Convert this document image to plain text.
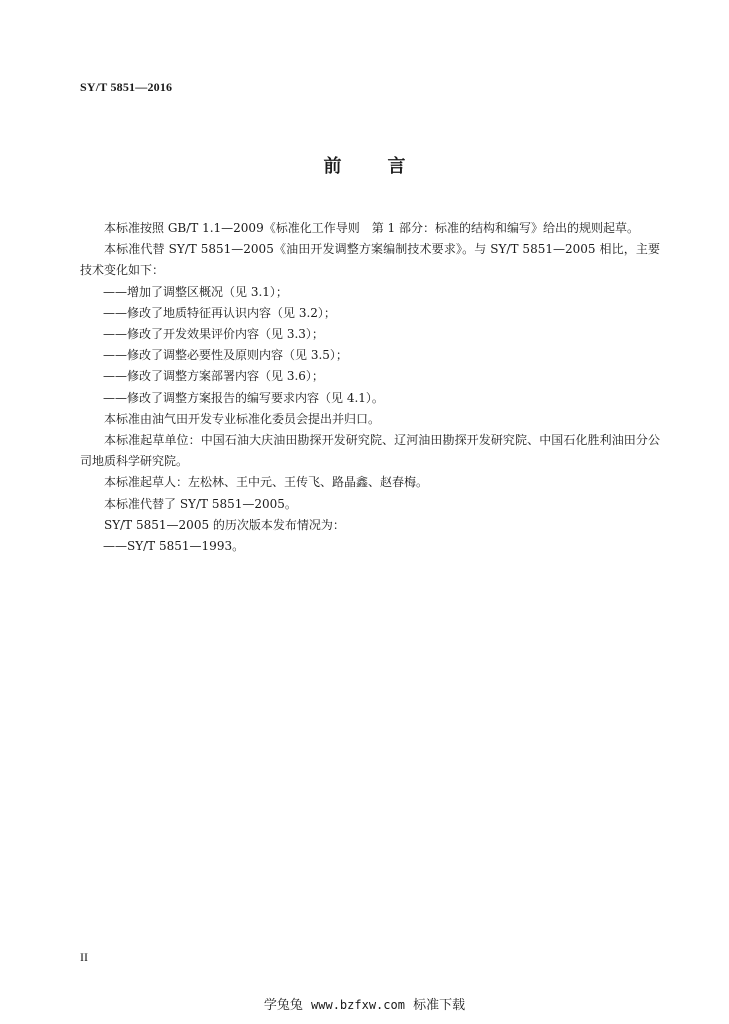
SY/T 5851—2016
前	言

本标准按照 GB/T 1.1—2009《标准化工作导则　第 1 部分：标准的结构和编写》给出的规则起草。

本标准代替 SY/T 5851—2005《油田开发调整方案编制技术要求》。与 SY/T 5851—2005 相比，主要技术变化如下：

——增加了调整区概况（见 3.1）；

——修改了地质特征再认识内容（见 3.2）；

——修改了开发效果评价内容（见 3.3）；

——修改了调整必要性及原则内容（见 3.5）；

——修改了调整方案部署内容（见 3.6）；

——修改了调整方案报告的编写要求内容（见 4.1）。

本标准由油气田开发专业标准化委员会提出并归口。

本标准起草单位：中国石油大庆油田勘探开发研究院、辽河油田勘探开发研究院、中国石化胜利油田分公司地质科学研究院。

本标准起草人：左松林、王中元、王传飞、路晶鑫、赵春梅。

本标准代替了 SY/T 5851—2005。

SY/T 5851—2005 的历次版本发布情况为：

——SY/T 5851—1993。

II
学兔兔 www.bzfxw.com 标准下载
